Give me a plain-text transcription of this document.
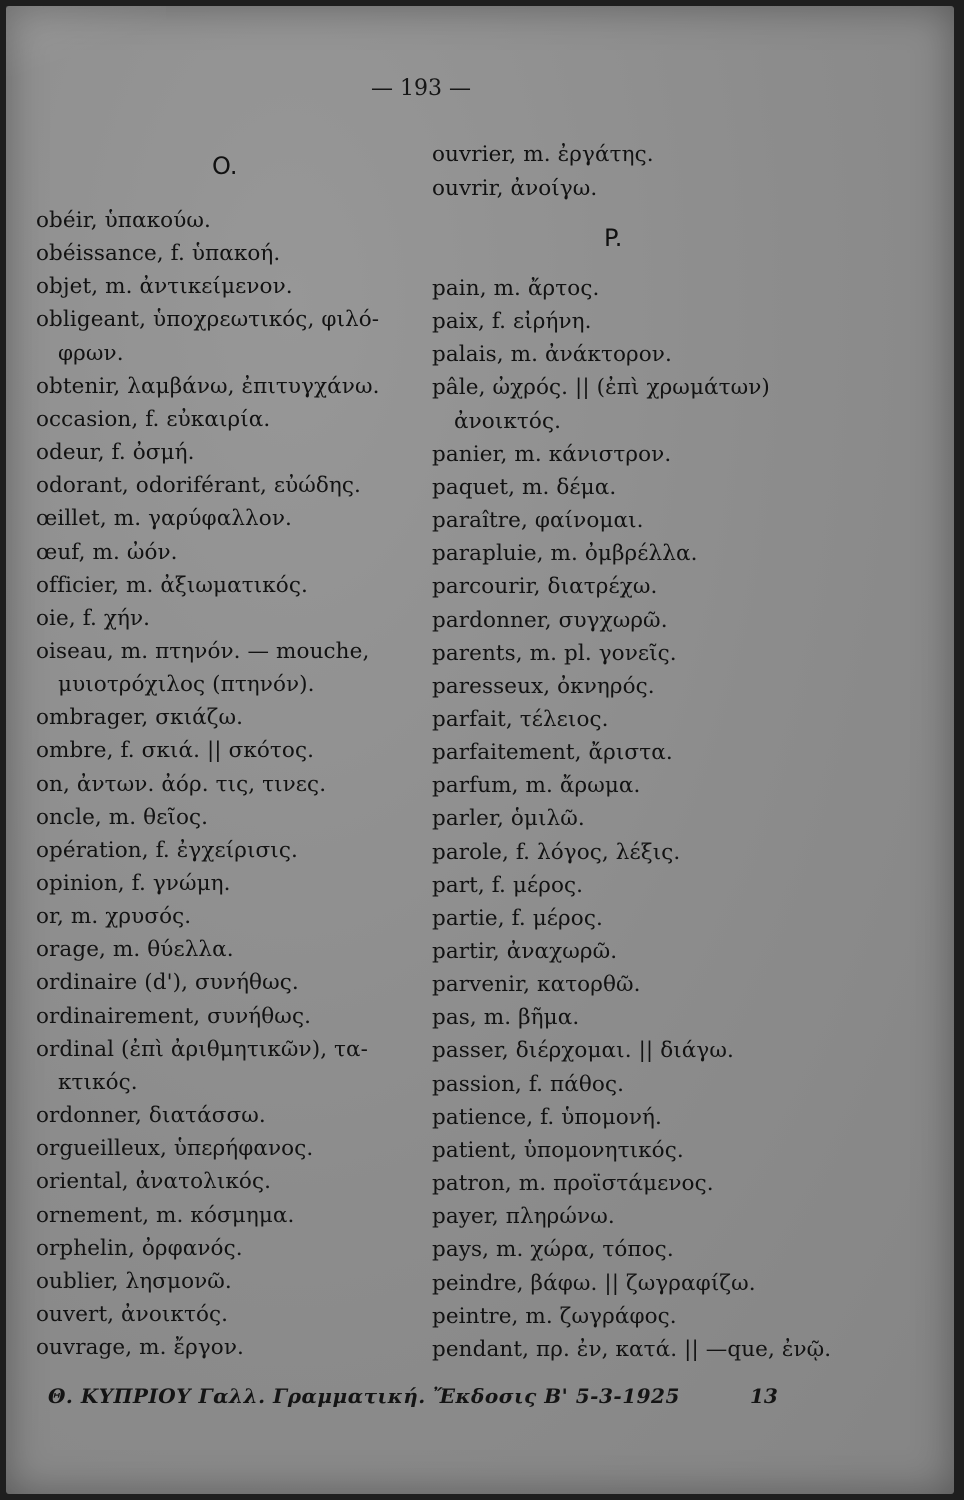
— 193 —
O.
obéir, ὑπακούω.
obéissance, f. ὑπακοή.
objet, m. ἀντικείμενον.
obligeant, ὑποχρεωτικός, φιλό-
φρων.
obtenir, λαμβάνω, ἐπιτυγχάνω.
occasion, f. εὐκαιρία.
odeur, f. ὀσμή.
odorant, odoriférant, εὐώδης.
œillet, m. γαρύφαλλον.
œuf, m. ὠόν.
officier, m. ἀξιωματικός.
oie, f. χήν.
oiseau, m. πτηνόν. — mouche,
μυιοτρόχιλος (πτηνόν).
ombrager, σκιάζω.
ombre, f. σκιά. || σκότος.
on, ἀντων. ἀόρ. τις, τινες.
oncle, m. θεῖος.
opération, f. ἐγχείρισις.
opinion, f. γνώμη.
or, m. χρυσός.
orage, m. θύελλα.
ordinaire (d'), συνήθως.
ordinairement, συνήθως.
ordinal (ἐπὶ ἀριθμητικῶν), τα-
κτικός.
ordonner, διατάσσω.
orgueilleux, ὑπερήφανος.
oriental, ἀνατολικός.
ornement, m. κόσμημα.
orphelin, ὀρφανός.
oublier, λησμονῶ.
ouvert, ἀνοικτός.
ouvrage, m. ἔργον.
ouvrier, m. ἐργάτης.
ouvrir, ἀνοίγω.
P.
pain, m. ἄρτος.
paix, f. εἰρήνη.
palais, m. ἀνάκτορον.
pâle, ὠχρός. || (ἐπὶ χρωμάτων)
ἀνοικτός.
panier, m. κάνιστρον.
paquet, m. δέμα.
paraître, φαίνομαι.
parapluie, m. ὀμβρέλλα.
parcourir, διατρέχω.
pardonner, συγχωρῶ.
parents, m. pl. γονεῖς.
paresseux, ὀκνηρός.
parfait, τέλειος.
parfaitement, ἄριστα.
parfum, m. ἄρωμα.
parler, ὁμιλῶ.
parole, f. λόγος, λέξις.
part, f. μέρος.
partie, f. μέρος.
partir, ἀναχωρῶ.
parvenir, κατορθῶ.
pas, m. βῆμα.
passer, διέρχομαι. || διάγω.
passion, f. πάθος.
patience, f. ὑπομονή.
patient, ὑπομονητικός.
patron, m. προϊστάμενος.
payer, πληρώνω.
pays, m. χώρα, τόπος.
peindre, βάφω. || ζωγραφίζω.
peintre, m. ζωγράφος.
pendant, πρ. ἐν, κατά. || —que, ἐνῷ.
Θ. ΚΥΠΡΙΟΥ Γαλλ. Γραμματική. Ἔκδοσις Β' 5-3-1925	13
